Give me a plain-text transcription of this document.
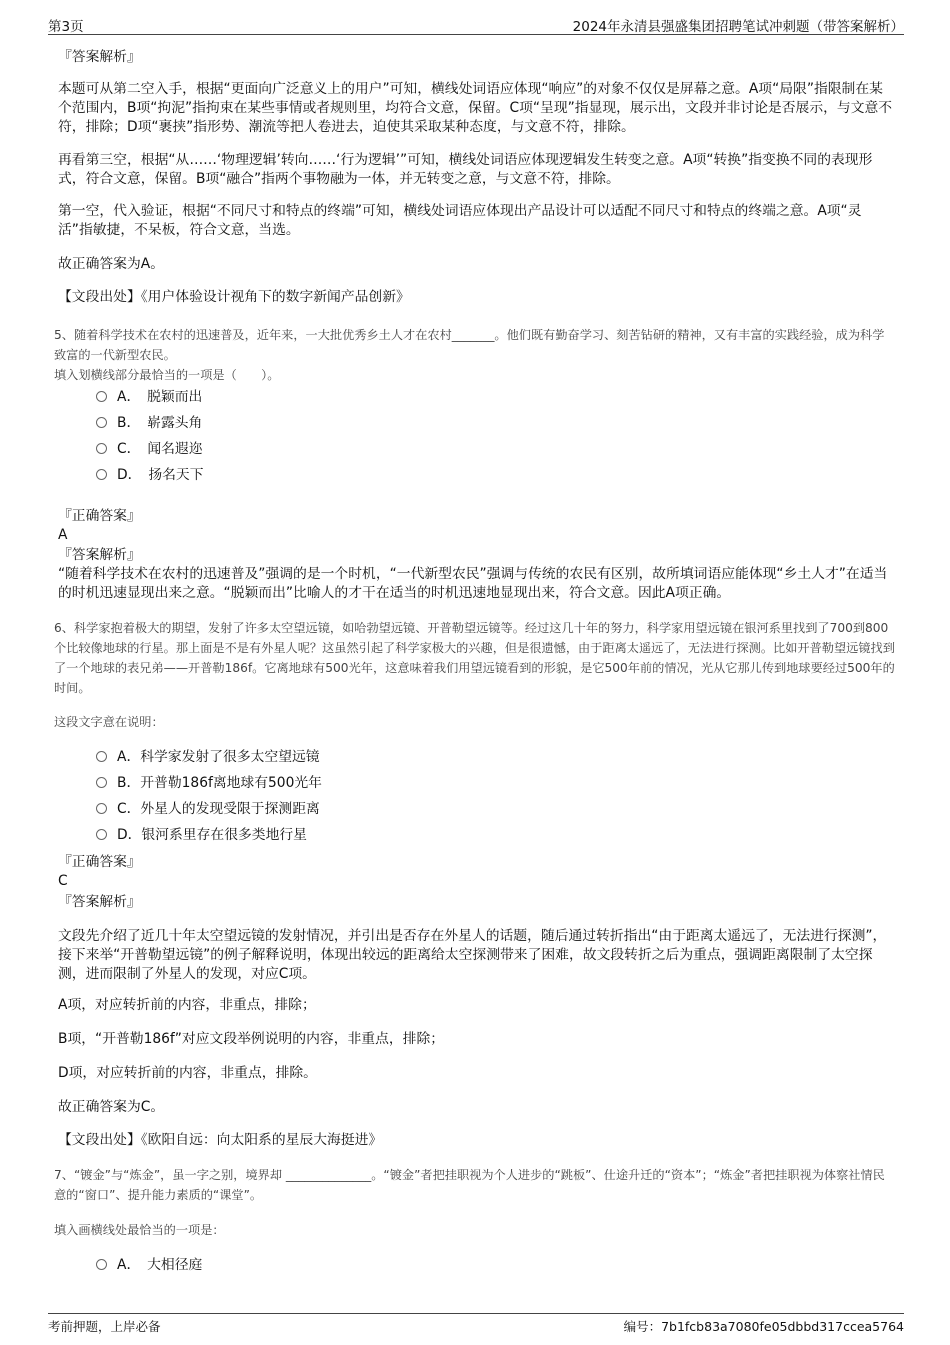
第3页	2024年永清县强盛集团招聘笔试冲刺题（带答案解析）
『答案解析』
本题可从第二空入手，根据“更面向广泛意义上的用户”可知，横线处词语应体现“响应”的对象不仅仅是屏幕之意。A项“局限”指限制在某个范围内，B项“拘泥”指拘束在某些事情或者规则里，均符合文意，保留。C项“呈现”指显现，展示出，文段并非讨论是否展示，与文意不符，排除；D项“裹挟”指形势、潮流等把人卷进去，迫使其采取某种态度，与文意不符，排除。
再看第三空，根据“从……‘物理逻辑’转向……‘行为逻辑’”可知，横线处词语应体现逻辑发生转变之意。A项“转换”指变换不同的表现形式，符合文意，保留。B项“融合”指两个事物融为一体，并无转变之意，与文意不符，排除。
第一空，代入验证，根据“不同尺寸和特点的终端”可知，横线处词语应体现出产品设计可以适配不同尺寸和特点的终端之意。A项“灵活”指敏捷，不呆板，符合文意，当选。
故正确答案为A。
【文段出处】《用户体验设计视角下的数字新闻产品创新》
5、随着科学技术在农村的迅速普及，近年来，一大批优秀乡土人才在农村_______。他们既有勤奋学习、刻苦钻研的精神，又有丰富的实践经验，成为科学致富的一代新型农民。
填入划横线部分最恰当的一项是（　　）。
A．　脱颖而出
B．　崭露头角
C．　闻名遐迩
D．　扬名天下
『正确答案』
A
『答案解析』
“随着科学技术在农村的迅速普及”强调的是一个时机，“一代新型农民”强调与传统的农民有区别，故所填词语应能体现“乡土人才”在适当的时机迅速显现出来之意。“脱颖而出”比喻人的才干在适当的时机迅速地显现出来，符合文意。因此A项正确。
6、科学家抱着极大的期望，发射了许多太空望远镜，如哈勃望远镜、开普勒望远镜等。经过这几十年的努力，科学家用望远镜在银河系里找到了700到800个比较像地球的行星。那上面是不是有外星人呢？这虽然引起了科学家极大的兴趣，但是很遗憾，由于距离太遥远了，无法进行探测。比如开普勒望远镜找到了一个地球的表兄弟——开普勒186f。它离地球有500光年，这意味着我们用望远镜看到的形貌，是它500年前的情况，光从它那儿传到地球要经过500年的时间。
这段文字意在说明：
A．科学家发射了很多太空望远镜
B．开普勒186f离地球有500光年
C．外星人的发现受限于探测距离
D．银河系里存在很多类地行星
『正确答案』
C
『答案解析』
文段先介绍了近几十年太空望远镜的发射情况，并引出是否存在外星人的话题，随后通过转折指出“由于距离太遥远了，无法进行探测”，接下来举“开普勒望远镜”的例子解释说明，体现出较远的距离给太空探测带来了困难，故文段转折之后为重点，强调距离限制了太空探测，进而限制了外星人的发现，对应C项。
A项，对应转折前的内容，非重点，排除；
B项，“开普勒186f”对应文段举例说明的内容，非重点，排除；
D项，对应转折前的内容，非重点，排除。
故正确答案为C。
【文段出处】《欧阳自远：向太阳系的星辰大海挺进》
7、“镀金”与“炼金”，虽一字之别，境界却 ______________。“镀金”者把挂职视为个人进步的“跳板”、仕途升迁的“资本”；“炼金”者把挂职视为体察社情民意的“窗口”、提升能力素质的“课堂”。
填入画横线处最恰当的一项是：
A．　大相径庭
考前押题，上岸必备	编号：7b1fcb83a7080fe05dbbd317ccea5764
